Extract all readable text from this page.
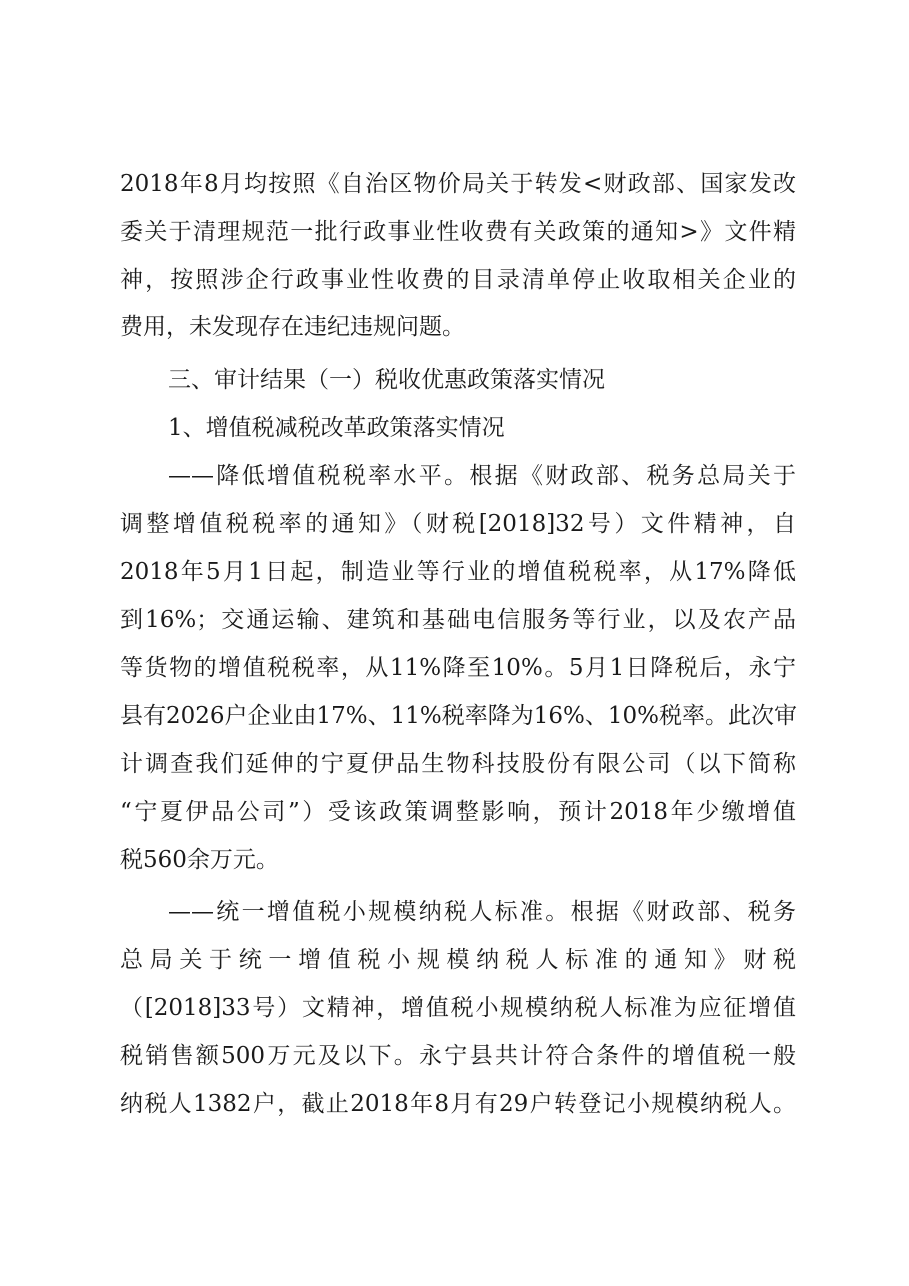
2018年8月均按照《自治区物价局关于转发<财政部、国家发改
委关于清理规范一批行政事业性收费有关政策的通知>》文件精
神，按照涉企行政事业性收费的目录清单停止收取相关企业的
费用，未发现存在违纪违规问题。
三、审计结果（一）税收优惠政策落实情况
1、增值税减税改革政策落实情况
——降低增值税税率水平。根据《财政部、税务总局关于
调整增值税税率的通知》（财税[2018]32号）文件精神，自
2018年5月1日起，制造业等行业的增值税税率，从17%降低
到16%；交通运输、建筑和基础电信服务等行业，以及农产品
等货物的增值税税率，从11%降至10%。5月1日降税后，永宁
县有2026户企业由17%、11%税率降为16%、10%税率。此次审
计调查我们延伸的宁夏伊品生物科技股份有限公司（以下简称
“宁夏伊品公司”）受该政策调整影响，预计2018年少缴增值
税560余万元。
——统一增值税小规模纳税人标准。根据《财政部、税务
总局关于统一增值税小规模纳税人标准的通知》财税
（[2018]33号）文精神，增值税小规模纳税人标准为应征增值
税销售额500万元及以下。永宁县共计符合条件的增值税一般
纳税人1382户，截止2018年8月有29户转登记小规模纳税人。
